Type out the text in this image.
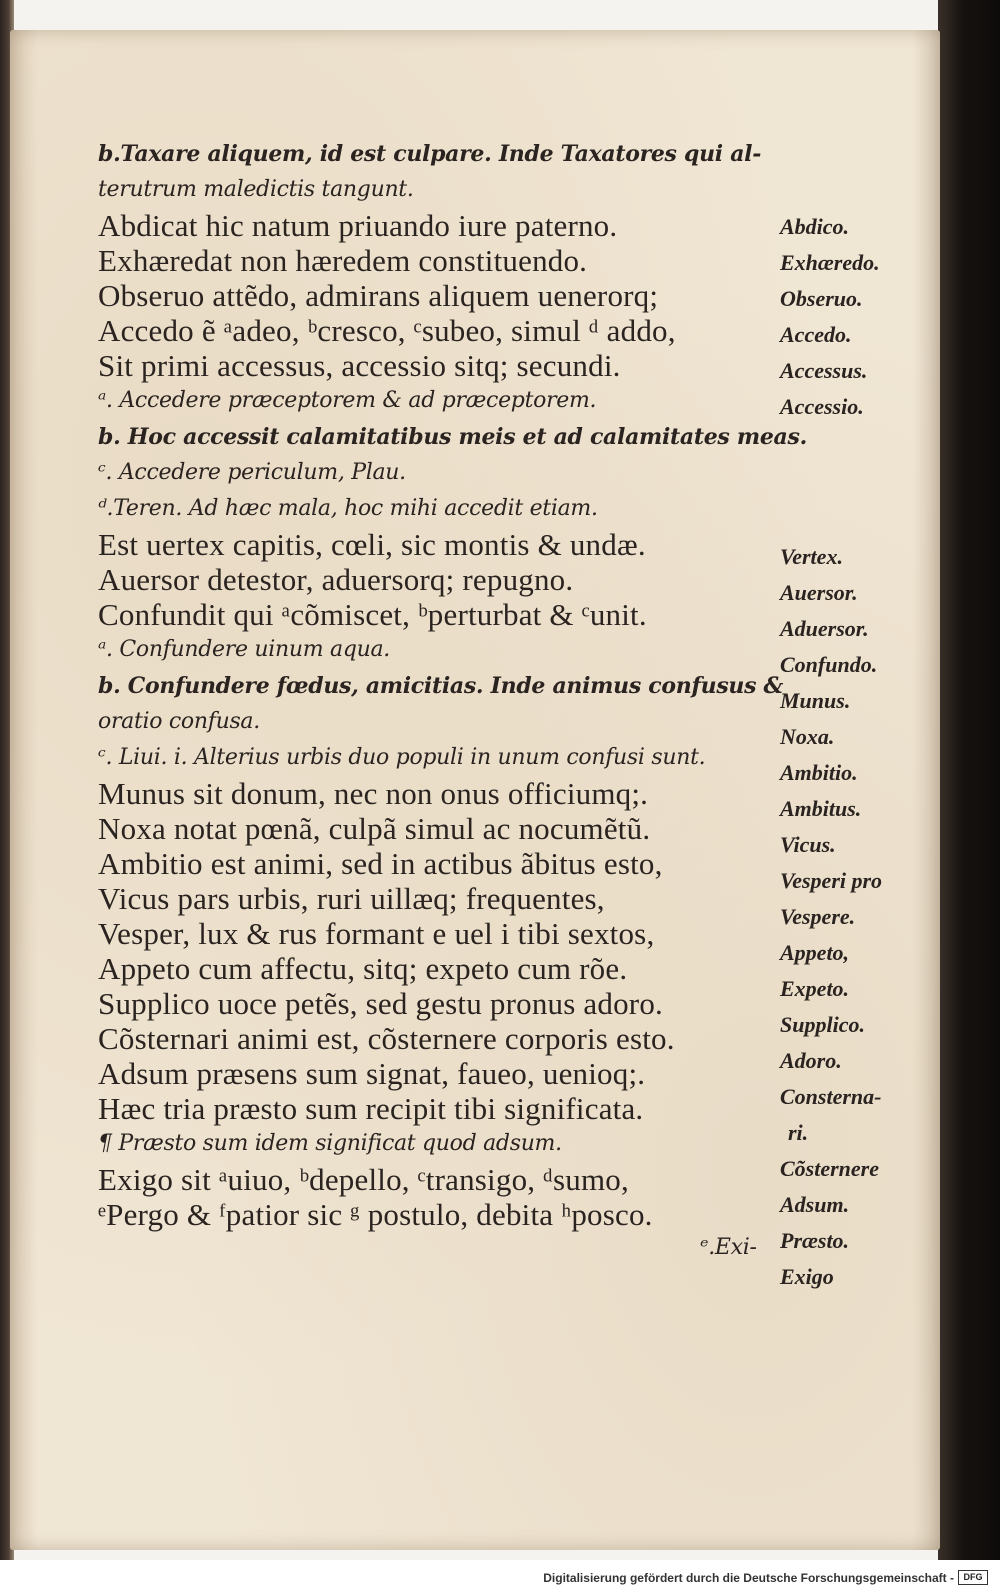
b.Taxare aliquem, id est culpare. Inde Taxatores qui al-
terutrum maledictis tangunt.
Abdicat hic natum priuando iure paterno.
Exhæredat non hæredem constituendo.
Obseruo attẽdo, admirans aliquem uenerorq;
Accedo ẽ ᵃadeo, ᵇcresco, ᶜsubeo, simul ᵈ addo,
Sit primi accessus, accessio sitq; secundi.
ᵃ. Accedere præceptorem & ad præceptorem.
b. Hoc accessit calamitatibus meis et ad calamitates meas.
ᶜ. Accedere periculum, Plau.
ᵈ.Teren. Ad hæc mala, hoc mihi accedit etiam.
Est uertex capitis, cœli, sic montis & undæ.
Auersor detestor, aduersorq; repugno.
Confundit qui ᵃcõmiscet, ᵇperturbat & ᶜunit.
ᵃ. Confundere uinum aqua.
b. Confundere fœdus, amicitias. Inde animus confusus &
oratio confusa.
ᶜ. Liui. i. Alterius urbis duo populi in unum confusi sunt.
Munus sit donum, nec non onus officiumq;.
Noxa notat pœnã, culpã simul ac nocumẽtũ.
Ambitio est animi, sed in actibus ãbitus esto,
Vicus pars urbis, ruri uillæq; frequentes,
Vesper, lux & rus formant e uel i tibi sextos,
Appeto cum affectu, sitq; expeto cum rõe.
Supplico uoce petẽs, sed gestu pronus adoro.
Cõsternari animi est, cõsternere corporis esto.
Adsum præsens sum signat, faueo, uenioq;.
Hæc tria præsto sum recipit tibi significata.
¶ Præsto sum idem significat quod adsum.
Exigo sit ᵃuiuo, ᵇdepello, ᶜtransigo, ᵈsumo,
ᵉPergo & ᶠpatior sic ᵍ postulo, debita ʰposco.
ᵉ.Exi-
Abdico.
Exhæredo.
Obseruo.
Accedo.
Accessus.
Accessio.
Vertex.
Auersor.
Aduersor.
Confundo.
Munus.
Noxa.
Ambitio.
Ambitus.
Vicus.
Vesperi pro
Vespere.
Appeto,
Expeto.
Supplico.
Adoro.
Consterna-
ri.
Cõsternere
Adsum.
Præsto.
Exigo
Digitalisierung gefördert durch die Deutsche Forschungsgemeinschaft -	DFG
